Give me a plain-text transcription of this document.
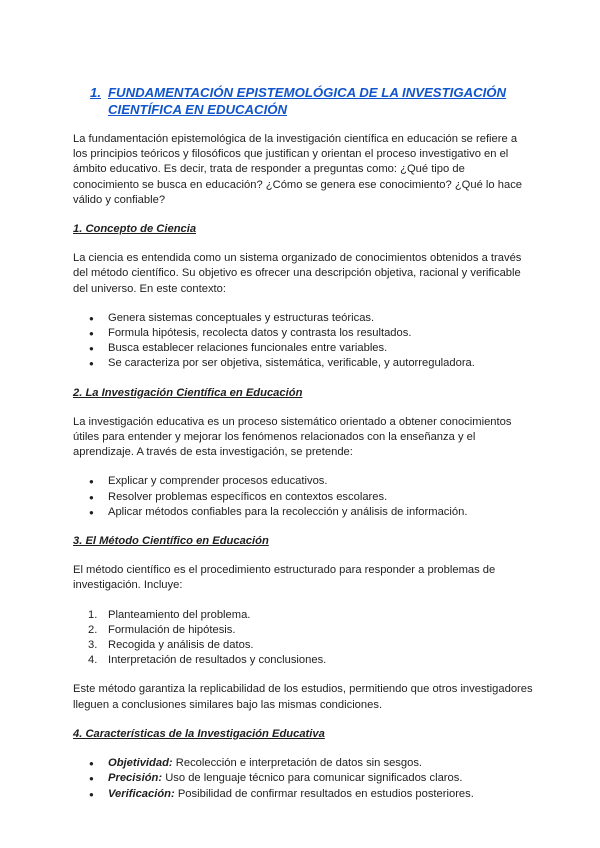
1. FUNDAMENTACIÓN EPISTEMOLÓGICA DE LA INVESTIGACIÓN CIENTÍFICA EN EDUCACIÓN

La fundamentación epistemológica de la investigación científica en educación se refiere a los principios teóricos y filosóficos que justifican y orientan el proceso investigativo en el ámbito educativo. Es decir, trata de responder a preguntas como: ¿Qué tipo de conocimiento se busca en educación? ¿Cómo se genera ese conocimiento? ¿Qué lo hace válido y confiable?

1. Concepto de Ciencia

La ciencia es entendida como un sistema organizado de conocimientos obtenidos a través del método científico. Su objetivo es ofrecer una descripción objetiva, racional y verificable del universo. En este contexto:

● Genera sistemas conceptuales y estructuras teóricas.
● Formula hipótesis, recolecta datos y contrasta los resultados.
● Busca establecer relaciones funcionales entre variables.
● Se caracteriza por ser objetiva, sistemática, verificable, y autorreguladora.
2. La Investigación Científica en Educación

La investigación educativa es un proceso sistemático orientado a obtener conocimientos útiles para entender y mejorar los fenómenos relacionados con la enseñanza y el aprendizaje. A través de esta investigación, se pretende:

● Explicar y comprender procesos educativos.
● Resolver problemas específicos en contextos escolares.
● Aplicar métodos confiables para la recolección y análisis de información.
3. El Método Científico en Educación

El método científico es el procedimiento estructurado para responder a problemas de investigación. Incluye:

1. Planteamiento del problema.
2. Formulación de hipótesis.
3. Recogida y análisis de datos.
4. Interpretación de resultados y conclusiones.

Este método garantiza la replicabilidad de los estudios, permitiendo que otros investigadores lleguen a conclusiones similares bajo las mismas condiciones.

4. Características de la Investigación Educativa
● Objetividad: Recolección e interpretación de datos sin sesgos.
● Precisión: Uso de lenguaje técnico para comunicar significados claros.
● Verificación: Posibilidad de confirmar resultados en estudios posteriores.
